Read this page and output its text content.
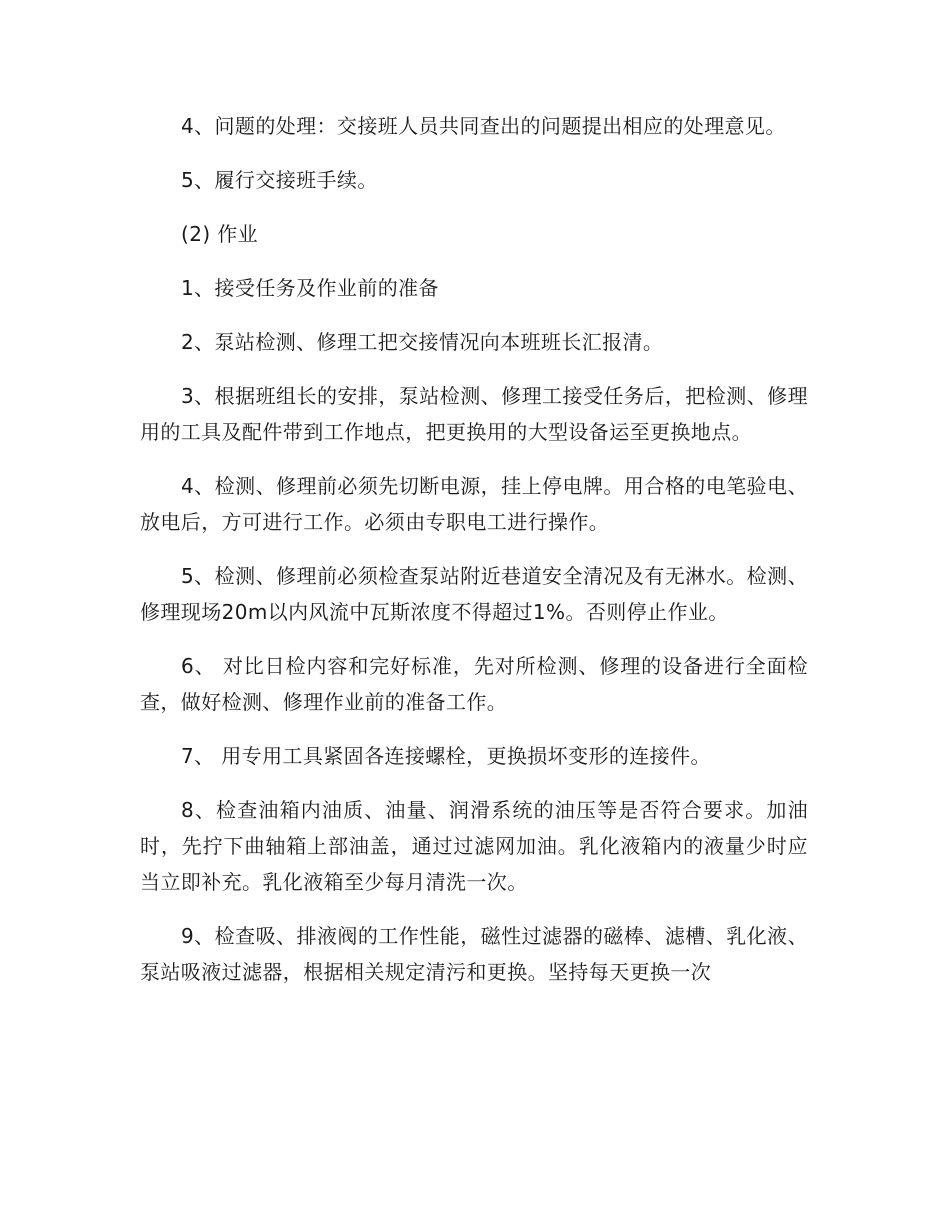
4、问题的处理：交接班人员共同查出的问题提出相应的处理意见。

5、履行交接班手续。

(2) 作业

1、接受任务及作业前的准备

2、泵站检测、修理工把交接情况向本班班长汇报清。

3、根据班组长的安排，泵站检测、修理工接受任务后，把检测、修理用的工具及配件带到工作地点，把更换用的大型设备运至更换地点。

4、检测、修理前必须先切断电源，挂上停电牌。用合格的电笔验电、放电后，方可进行工作。必须由专职电工进行操作。

5、检测、修理前必须检查泵站附近巷道安全清况及有无淋水。检测、修理现场20m以内风流中瓦斯浓度不得超过1%。否则停止作业。

6、 对比日检内容和完好标准，先对所检测、修理的设备进行全面检查，做好检测、修理作业前的准备工作。

7、 用专用工具紧固各连接螺栓，更换损坏变形的连接件。

8、检查油箱内油质、油量、润滑系统的油压等是否符合要求。加油时，先拧下曲轴箱上部油盖，通过过滤网加油。乳化液箱内的液量少时应当立即补充。乳化液箱至少每月清洗一次。

9、检查吸、排液阀的工作性能，磁性过滤器的磁棒、滤槽、乳化液、泵站吸液过滤器，根据相关规定清污和更换。坚持每天更换一次
